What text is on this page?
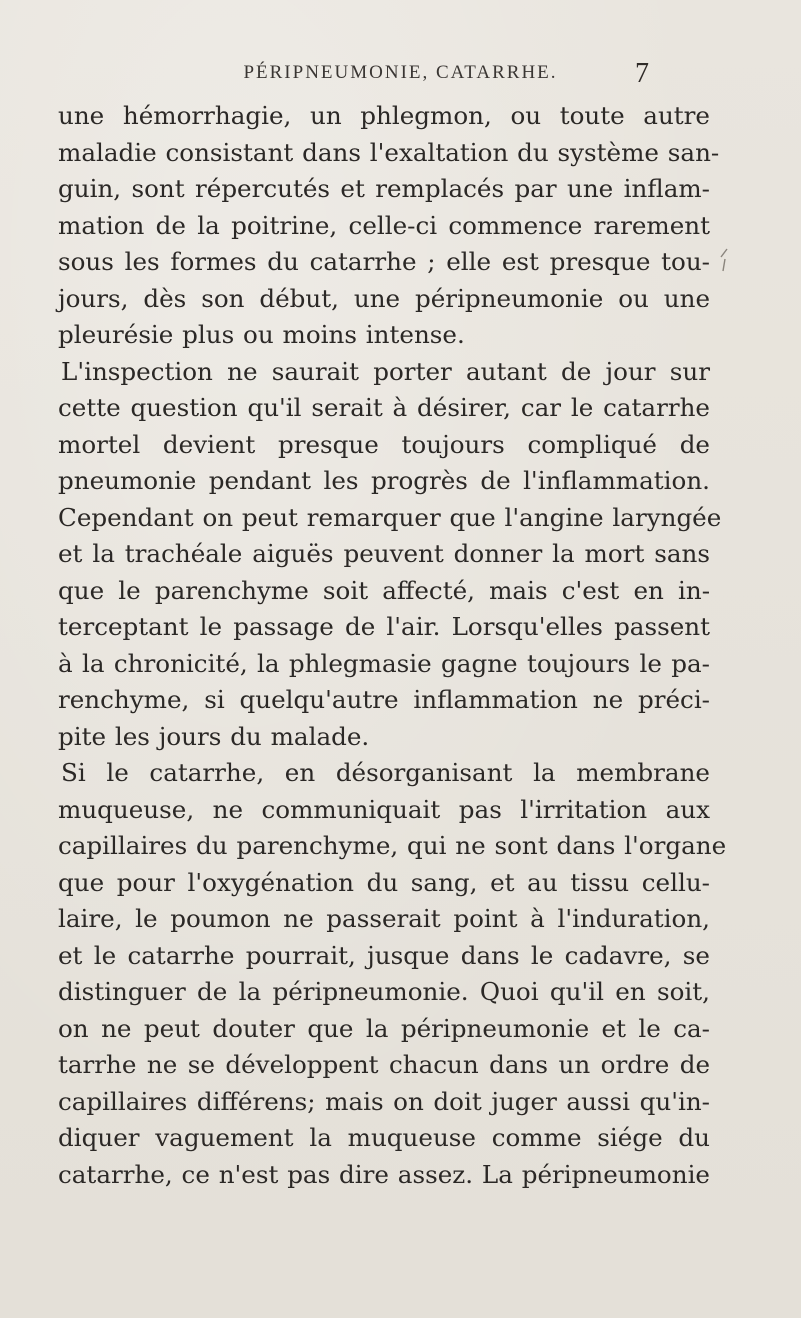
PÉRIPNEUMONIE, CATARRHE.	7
une hémorrhagie, un phlegmon, ou toute autre
maladie consistant dans l'exaltation du système san-
guin, sont répercutés et remplacés par une inflam-
mation de la poitrine, celle-ci commence rarement
sous les formes du catarrhe ; elle est presque tou-
jours, dès son début, une péripneumonie ou une
pleurésie plus ou moins intense.
L'inspection ne saurait porter autant de jour sur
cette question qu'il serait à désirer, car le catarrhe
mortel devient presque toujours compliqué de
pneumonie pendant les progrès de l'inflammation.
Cependant on peut remarquer que l'angine laryngée
et la trachéale aiguës peuvent donner la mort sans
que le parenchyme soit affecté, mais c'est en in-
terceptant le passage de l'air. Lorsqu'elles passent
à la chronicité, la phlegmasie gagne toujours le pa-
renchyme, si quelqu'autre inflammation ne préci-
pite les jours du malade.
Si le catarrhe, en désorganisant la membrane
muqueuse, ne communiquait pas l'irritation aux
capillaires du parenchyme, qui ne sont dans l'organe
que pour l'oxygénation du sang, et au tissu cellu-
laire, le poumon ne passerait point à l'induration,
et le catarrhe pourrait, jusque dans le cadavre, se
distinguer de la péripneumonie. Quoi qu'il en soit,
on ne peut douter que la péripneumonie et le ca-
tarrhe ne se développent chacun dans un ordre de
capillaires différens; mais on doit juger aussi qu'in-
diquer vaguement la muqueuse comme siége du
catarrhe, ce n'est pas dire assez. La péripneumonie
